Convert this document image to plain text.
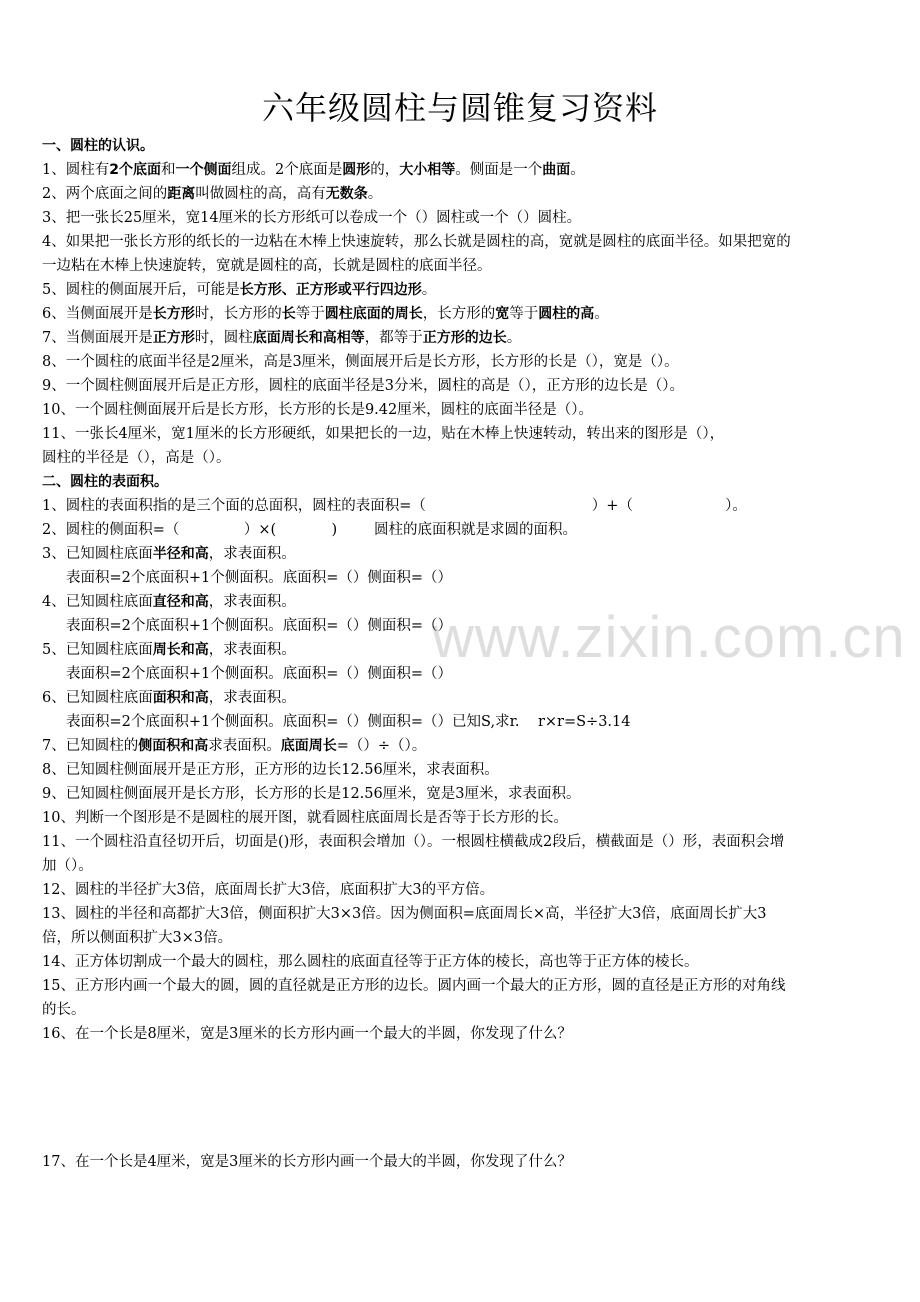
六年级圆柱与圆锥复习资料
一、圆柱的认识。
1、圆柱有2个底面和一个侧面组成。2个底面是圆形的，大小相等。侧面是一个曲面。
2、两个底面之间的距离叫做圆柱的高，高有无数条。
3、把一张长25厘米，宽14厘米的长方形纸可以卷成一个（）圆柱或一个（）圆柱。
4、如果把一张长方形的纸长的一边粘在木棒上快速旋转，那么长就是圆柱的高，宽就是圆柱的底面半径。如果把宽的
一边粘在木棒上快速旋转，宽就是圆柱的高，长就是圆柱的底面半径。
5、圆柱的侧面展开后，可能是长方形、正方形或平行四边形。
6、当侧面展开是长方形时，长方形的长等于圆柱底面的周长，长方形的宽等于圆柱的高。
7、当侧面展开是正方形时，圆柱底面周长和高相等，都等于正方形的边长。
8、一个圆柱的底面半径是2厘米，高是3厘米，侧面展开后是长方形，长方形的长是（），宽是（）。
9、一个圆柱侧面展开后是正方形，圆柱的底面半径是3分米，圆柱的高是（），正方形的边长是（）。
10、一个圆柱侧面展开后是长方形，长方形的长是9.42厘米，圆柱的底面半径是（）。
11、一张长4厘米，宽1厘米的长方形硬纸，如果把长的一边，贴在木棒上快速转动，转出来的图形是（），
圆柱的半径是（），高是（）。
二、圆柱的表面积。
1、圆柱的表面积指的是三个面的总面积，圆柱的表面积=（                                    ）+（                    ）。
2、圆柱的侧面积=（              ）×(            )        圆柱的底面积就是求圆的面积。
3、已知圆柱底面半径和高，求表面积。
表面积=2个底面积+1个侧面积。底面积=（）侧面积=（）
4、已知圆柱底面直径和高，求表面积。
表面积=2个底面积+1个侧面积。底面积=（）侧面积=（）
5、已知圆柱底面周长和高，求表面积。
表面积=2个底面积+1个侧面积。底面积=（）侧面积=（）
6、已知圆柱底面面积和高，求表面积。
表面积=2个底面积+1个侧面积。底面积=（）侧面积=（）已知S,求r.    r×r=S÷3.14
7、已知圆柱的侧面积和高求表面积。底面周长=（）÷（）。
8、已知圆柱侧面展开是正方形，正方形的边长12.56厘米，求表面积。
9、已知圆柱侧面展开是长方形，长方形的长是12.56厘米，宽是3厘米，求表面积。
10、判断一个图形是不是圆柱的展开图，就看圆柱底面周长是否等于长方形的长。
11、一个圆柱沿直径切开后，切面是()形，表面积会增加（）。一根圆柱横截成2段后，横截面是（）形，表面积会增
加（）。
12、圆柱的半径扩大3倍，底面周长扩大3倍，底面积扩大3的平方倍。
13、圆柱的半径和高都扩大3倍，侧面积扩大3×3倍。因为侧面积=底面周长×高，半径扩大3倍，底面周长扩大3
倍，所以侧面积扩大3×3倍。
14、正方体切割成一个最大的圆柱，那么圆柱的底面直径等于正方体的棱长，高也等于正方体的棱长。
15、正方形内画一个最大的圆，圆的直径就是正方形的边长。圆内画一个最大的正方形，圆的直径是正方形的对角线
的长。
16、在一个长是8厘米，宽是3厘米的长方形内画一个最大的半圆，你发现了什么？
17、在一个长是4厘米，宽是3厘米的长方形内画一个最大的半圆，你发现了什么？
www.zixin.com.cn
